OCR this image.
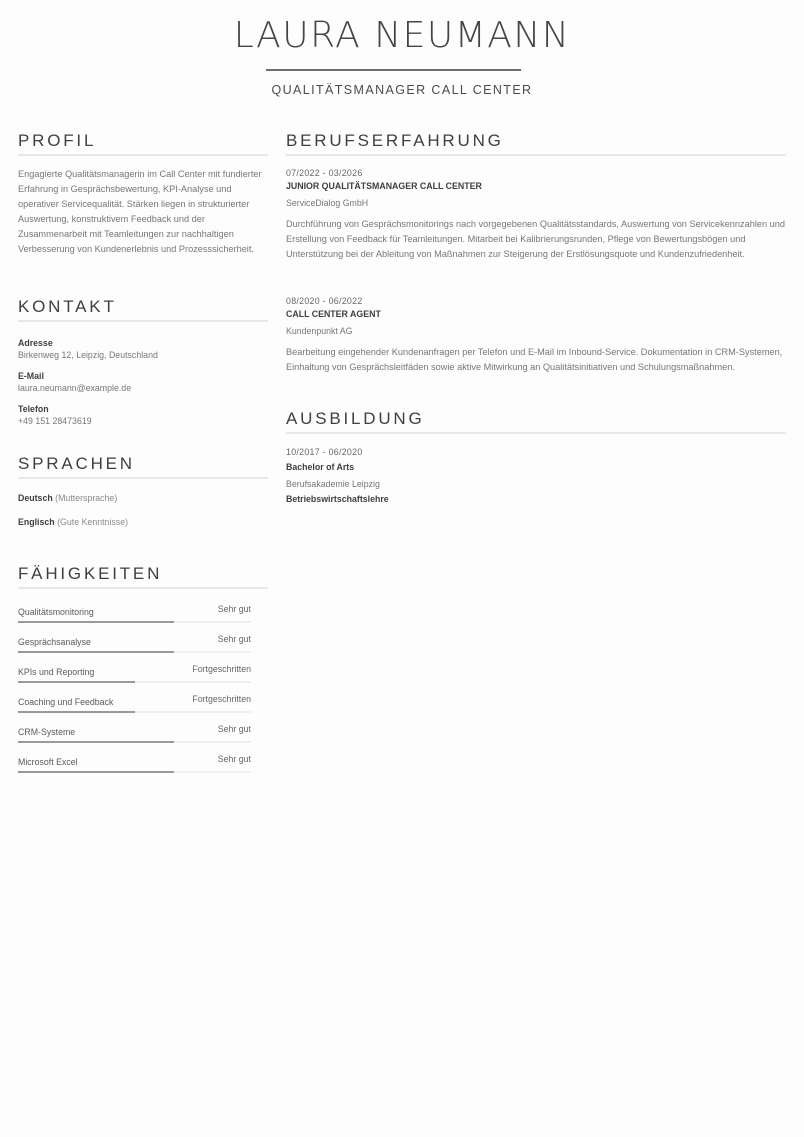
LAURA NEUMANN
QUALITÄTSMANAGER CALL CENTER
PROFIL
Engagierte Qualitätsmanagerin im Call Center mit fundierter Erfahrung in Gesprächsbewertung, KPI-Analyse und operativer Servicequalität. Stärken liegen in strukturierter Auswertung, konstruktivem Feedback und der Zusammenarbeit mit Teamleitungen zur nachhaltigen Verbesserung von Kundenerlebnis und Prozesssicherheit.
KONTAKT
Adresse
Birkenweg 12, Leipzig, Deutschland
E-Mail
laura.neumann@example.de
Telefon
+49 151 28473619
SPRACHEN
Deutsch (Muttersprache)
Englisch (Gute Kenntnisse)
FÄHIGKEITEN
Qualitätsmonitoring	Sehr gut
Gesprächsanalyse	Sehr gut
KPIs und Reporting	Fortgeschritten
Coaching und Feedback	Fortgeschritten
CRM-Systeme	Sehr gut
Microsoft Excel	Sehr gut
BERUFSERFAHRUNG
07/2022 - 03/2026
JUNIOR QUALITÄTSMANAGER CALL CENTER
ServiceDialog GmbH
Durchführung von Gesprächsmonitorings nach vorgegebenen Qualitätsstandards, Auswertung von Servicekennzahlen und Erstellung von Feedback für Teamleitungen. Mitarbeit bei Kalibrierungsrunden, Pflege von Bewertungsbögen und Unterstützung bei der Ableitung von Maßnahmen zur Steigerung der Erstlösungsquote und Kundenzufriedenheit.
08/2020 - 06/2022
CALL CENTER AGENT
Kundenpunkt AG
Bearbeitung eingehender Kundenanfragen per Telefon und E-Mail im Inbound-Service. Dokumentation in CRM-Systemen, Einhaltung von Gesprächsleitfäden sowie aktive Mitwirkung an Qualitätsinitiativen und Schulungsmaßnahmen.
AUSBILDUNG
10/2017 - 06/2020
Bachelor of Arts
Berufsakademie Leipzig
Betriebswirtschaftslehre
